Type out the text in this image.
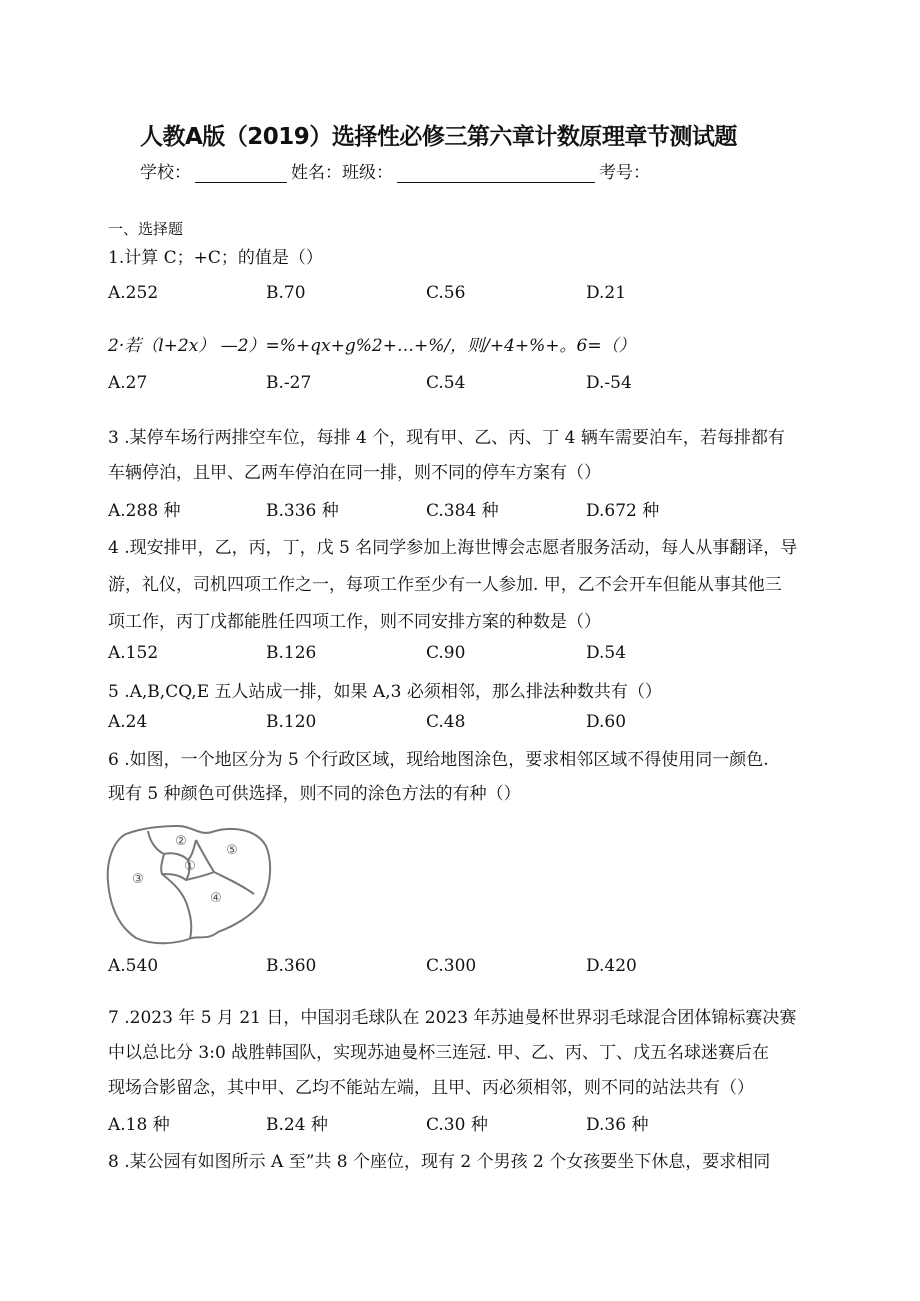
人教A版（2019）选择性必修三第六章计数原理章节测试题
学校：	姓名： 班级：	考号：
一、选择题
1.计算 C；+C；的值是（）
A.252	B.70	C.56	D.21
2·若（l+2x） —2）=%+qx+g%2+…+%/，则/+4+%+。6=（）
A.27	B.-27	C.54	D.-54
3 .某停车场行两排空车位，每排 4 个，现有甲、乙、丙、丁 4 辆车需要泊车，若每排都有
车辆停泊，且甲、乙两车停泊在同一排，则不同的停车方案有（）
A.288 种	B.336 种	C.384 种	D.672 种
4 .现安排甲，乙，丙，丁，戊 5 名同学参加上海世博会志愿者服务活动，每人从事翻译，导
游，礼仪，司机四项工作之一，每项工作至少有一人参加. 甲，乙不会开车但能从事其他三
项工作，丙丁戊都能胜任四项工作，则不同安排方案的种数是（）
A.152	B.126	C.90	D.54
5 .A,B,CQ,E 五人站成一排，如果 A,3 必须相邻，那么排法种数共有（）
A.24	B.120	C.48	D.60
6 .如图，一个地区分为 5 个行政区域，现给地图涂色，要求相邻区域不得使用同一颜色.
现有 5 种颜色可供选择，则不同的涂色方法的有种（）
②
⑤
①
③
④
A.540	B.360	C.300	D.420
7 .2023 年 5 月 21 日，中国羽毛球队在 2023 年苏迪曼杯世界羽毛球混合团体锦标赛决赛
中以总比分 3:0 战胜韩国队，实现苏迪曼杯三连冠. 甲、乙、丙、丁、戊五名球迷赛后在
现场合影留念，其中甲、乙均不能站左端，且甲、丙必须相邻，则不同的站法共有（）
A.18 种	B.24 种	C.30 种	D.36 种
8 .某公园有如图所示 A 至”共 8 个座位，现有 2 个男孩 2 个女孩要坐下休息，要求相同
